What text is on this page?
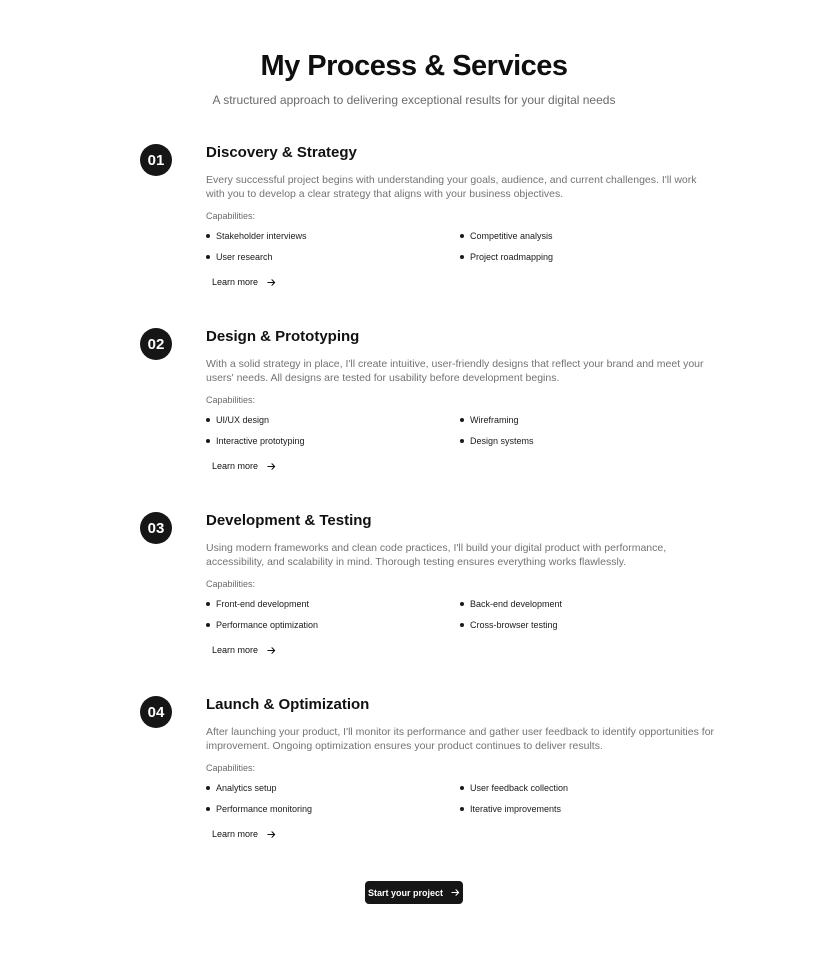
My Process & Services

A structured approach to delivering exceptional results for your digital needs

01	Discovery & Strategy

Every successful project begins with understanding your goals, audience, and current challenges. I'll work with you to develop a clear strategy that aligns with your business objectives.

Capabilities:
Stakeholder interviews	Competitive analysis
User research	Project roadmapping
Learn more
02	Design & Prototyping

With a solid strategy in place, I'll create intuitive, user-friendly designs that reflect your brand and meet your users' needs. All designs are tested for usability before development begins.

Capabilities:
UI/UX design	Wireframing
Interactive prototyping	Design systems
Learn more
03	Development & Testing

Using modern frameworks and clean code practices, I'll build your digital product with performance, accessibility, and scalability in mind. Thorough testing ensures everything works flawlessly.

Capabilities:
Front-end development	Back-end development
Performance optimization	Cross-browser testing
Learn more
04	Launch & Optimization

After launching your product, I'll monitor its performance and gather user feedback to identify opportunities for improvement. Ongoing optimization ensures your product continues to deliver results.

Capabilities:
Analytics setup	User feedback collection
Performance monitoring	Iterative improvements
Learn more
Start your project
